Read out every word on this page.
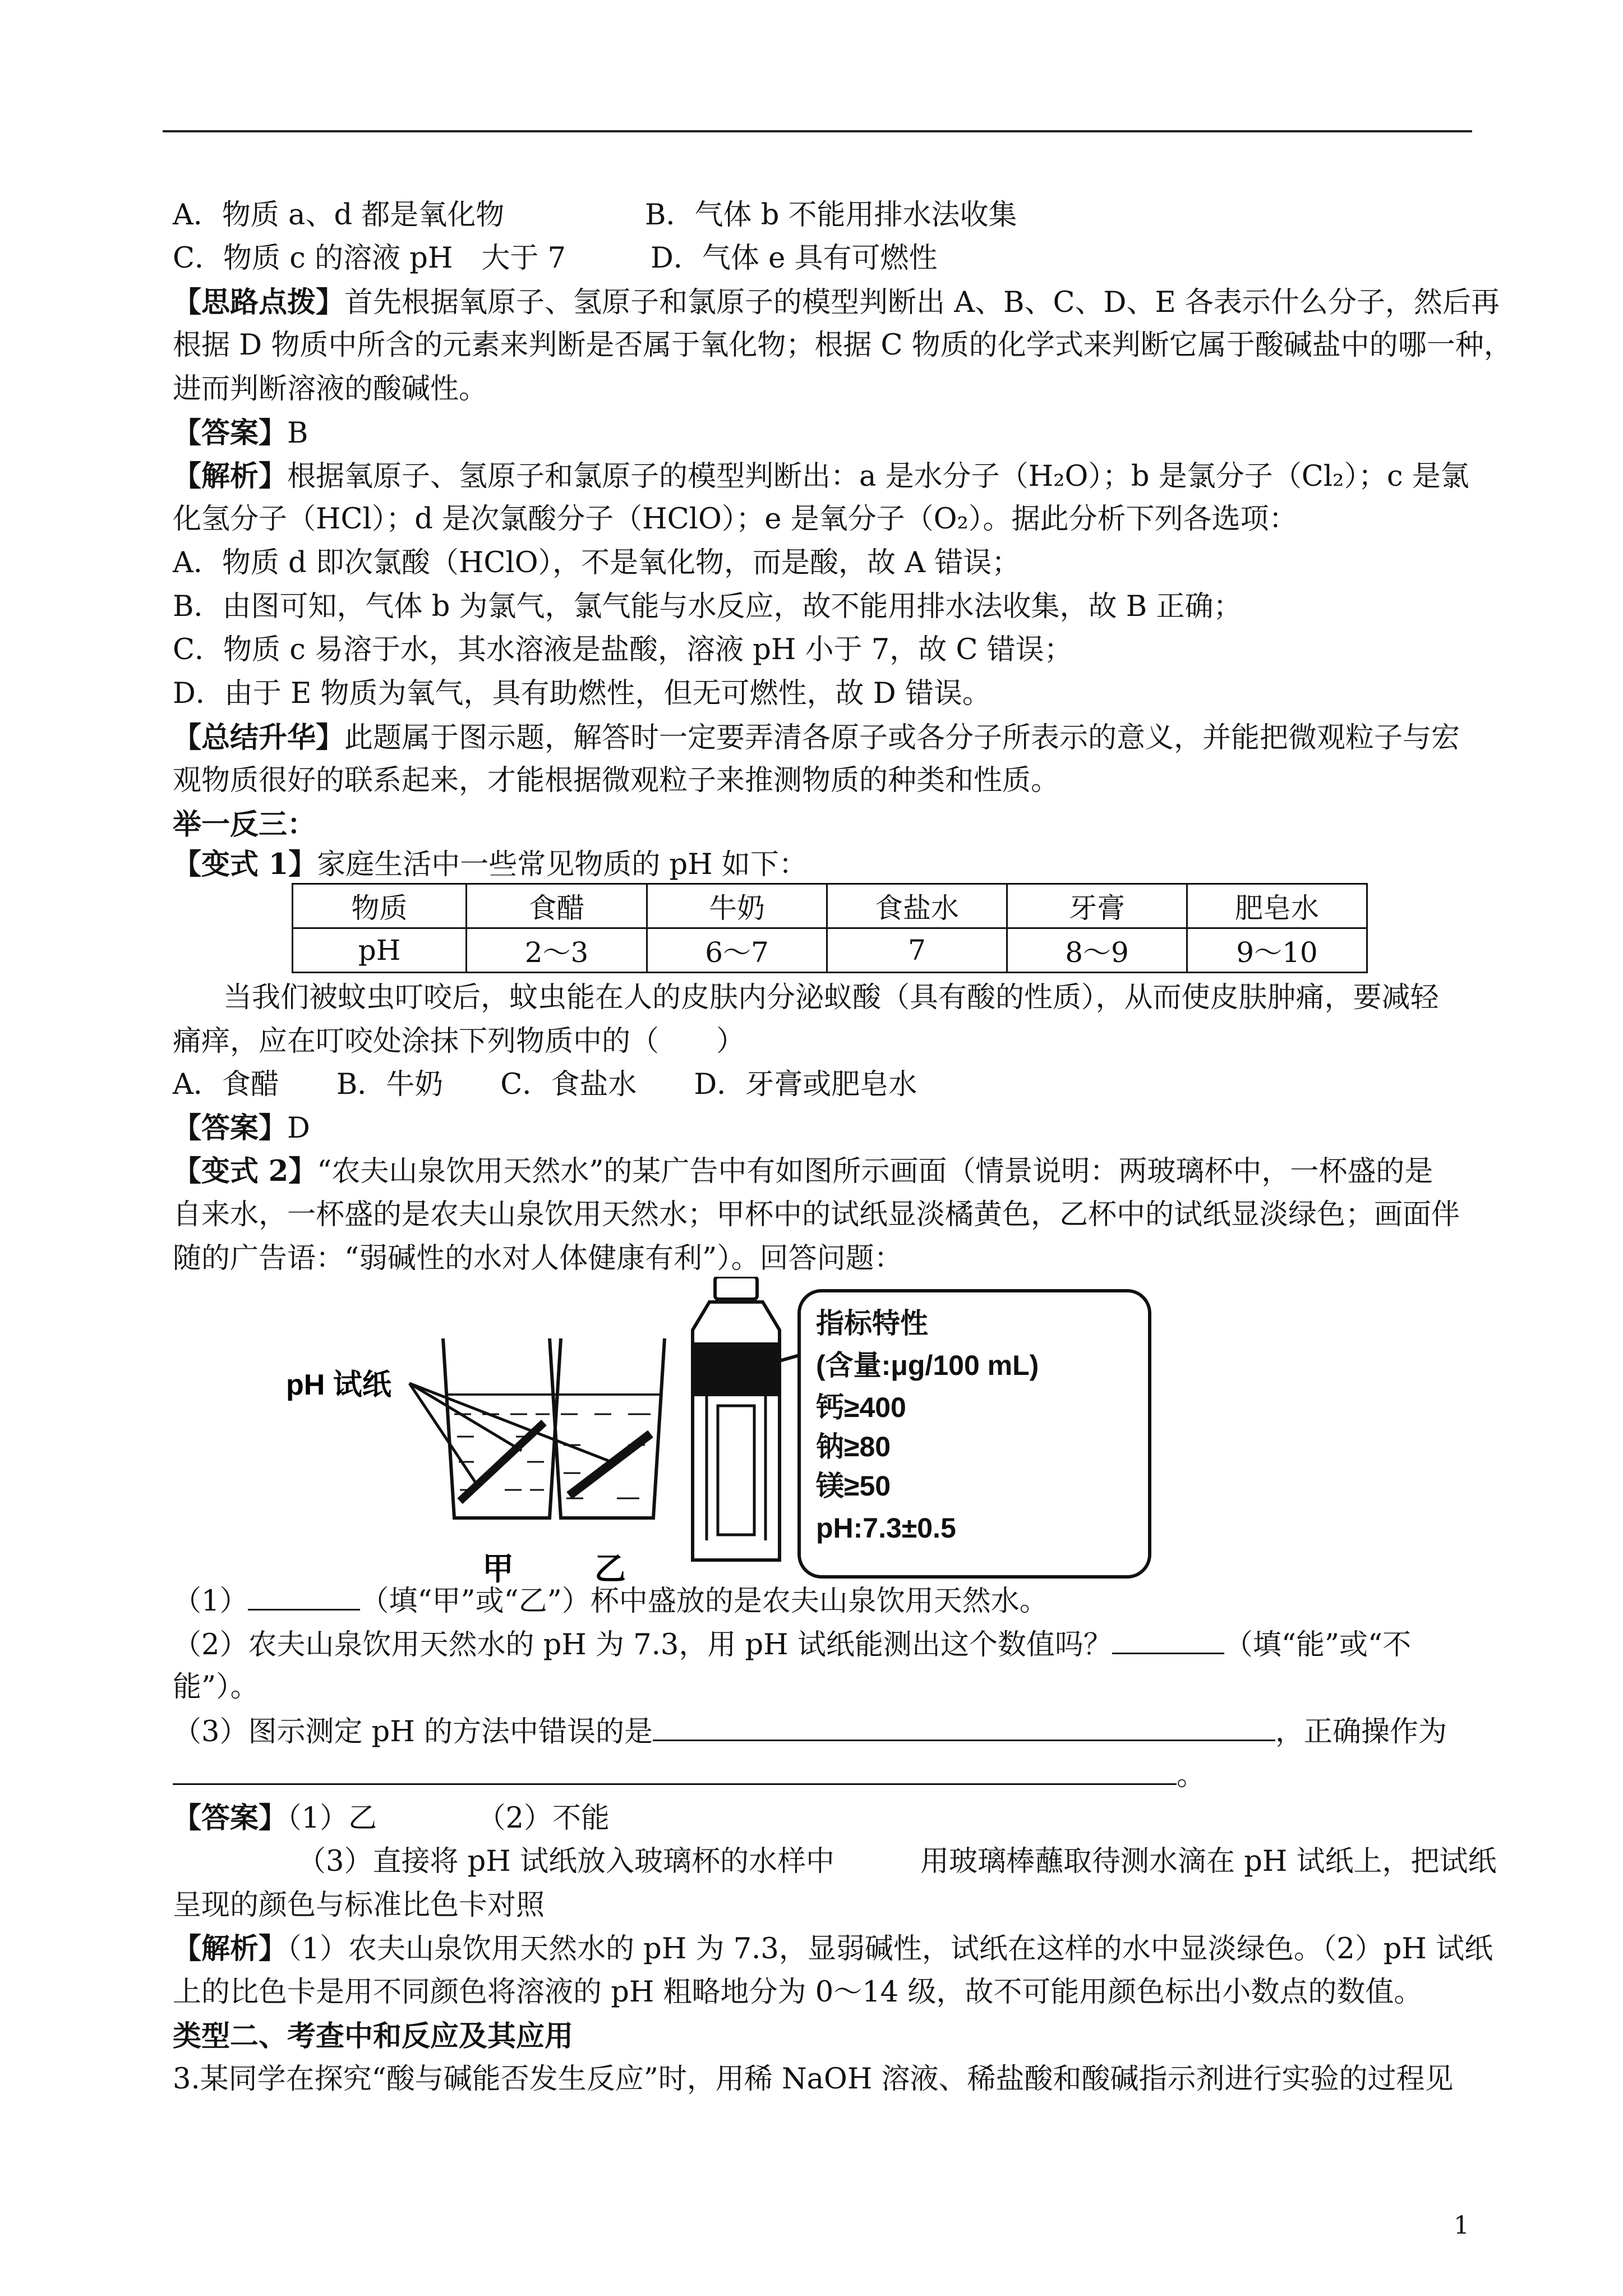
A．物质 a、d 都是氧化物	B．气体 b 不能用排水法收集
C．物质 c 的溶液 pH　大于 7	D．气体 e 具有可燃性
【思路点拨】首先根据氧原子、氢原子和氯原子的模型判断出 A、B、C、D、E 各表示什么分子，然后再
根据 D 物质中所含的元素来判断是否属于氧化物；根据 C 物质的化学式来判断它属于酸碱盐中的哪一种，
进而判断溶液的酸碱性。
【答案】B
【解析】根据氧原子、氢原子和氯原子的模型判断出：a 是水分子（H₂O）；b 是氯分子（Cl₂）；c 是氯
化氢分子（HCl）；d 是次氯酸分子（HClO）；e 是氧分子（O₂）。据此分析下列各选项：
A．物质 d 即次氯酸（HClO），不是氧化物，而是酸，故 A 错误；
B．由图可知，气体 b 为氯气，氯气能与水反应，故不能用排水法收集，故 B 正确；
C．物质 c 易溶于水，其水溶液是盐酸，溶液 pH 小于 7，故 C 错误；
D．由于 E 物质为氧气，具有助燃性，但无可燃性，故 D 错误。
【总结升华】此题属于图示题，解答时一定要弄清各原子或各分子所表示的意义，并能把微观粒子与宏
观物质很好的联系起来，才能根据微观粒子来推测物质的种类和性质。
举一反三：
【变式 1】家庭生活中一些常见物质的 pH 如下：
物质	食醋	牛奶	食盐水	牙膏	肥皂水
pH	2～3	6～7	7	8～9	9～10
当我们被蚊虫叮咬后，蚊虫能在人的皮肤内分泌蚁酸（具有酸的性质），从而使皮肤肿痛，要减轻
痛痒，应在叮咬处涂抹下列物质中的（　　）
A．食醋　　B．牛奶　　C．食盐水　　D．牙膏或肥皂水
【答案】D
【变式 2】“农夫山泉饮用天然水”的某广告中有如图所示画面（情景说明：两玻璃杯中，一杯盛的是
自来水，一杯盛的是农夫山泉饮用天然水；甲杯中的试纸显淡橘黄色，乙杯中的试纸显淡绿色；画面伴
随的广告语：“弱碱性的水对人体健康有利”）。回答问题：
pH 试纸
甲	乙
指标特性
(含量:μg/100 mL)
钙≥400
钠≥80
镁≥50
pH:7.3±0.5
（1）	（填“甲”或“乙”）杯中盛放的是农夫山泉饮用天然水。
（2）农夫山泉饮用天然水的 pH 为 7.3，用 pH 试纸能测出这个数值吗？	（填“能”或“不
能”）。
（3）图示测定 pH 的方法中错误的是	，正确操作为
。
【答案】（1）乙　　　　（2）不能
（3）直接将 pH 试纸放入玻璃杯的水样中　　　用玻璃棒蘸取待测水滴在 pH 试纸上，把试纸
呈现的颜色与标准比色卡对照
【解析】（1）农夫山泉饮用天然水的 pH 为 7.3，显弱碱性，试纸在这样的水中显淡绿色。（2）pH 试纸
上的比色卡是用不同颜色将溶液的 pH 粗略地分为 0～14 级，故不可能用颜色标出小数点的数值。
类型二、考查中和反应及其应用
3.某同学在探究“酸与碱能否发生反应”时，用稀 NaOH 溶液、稀盐酸和酸碱指示剂进行实验的过程见
1
